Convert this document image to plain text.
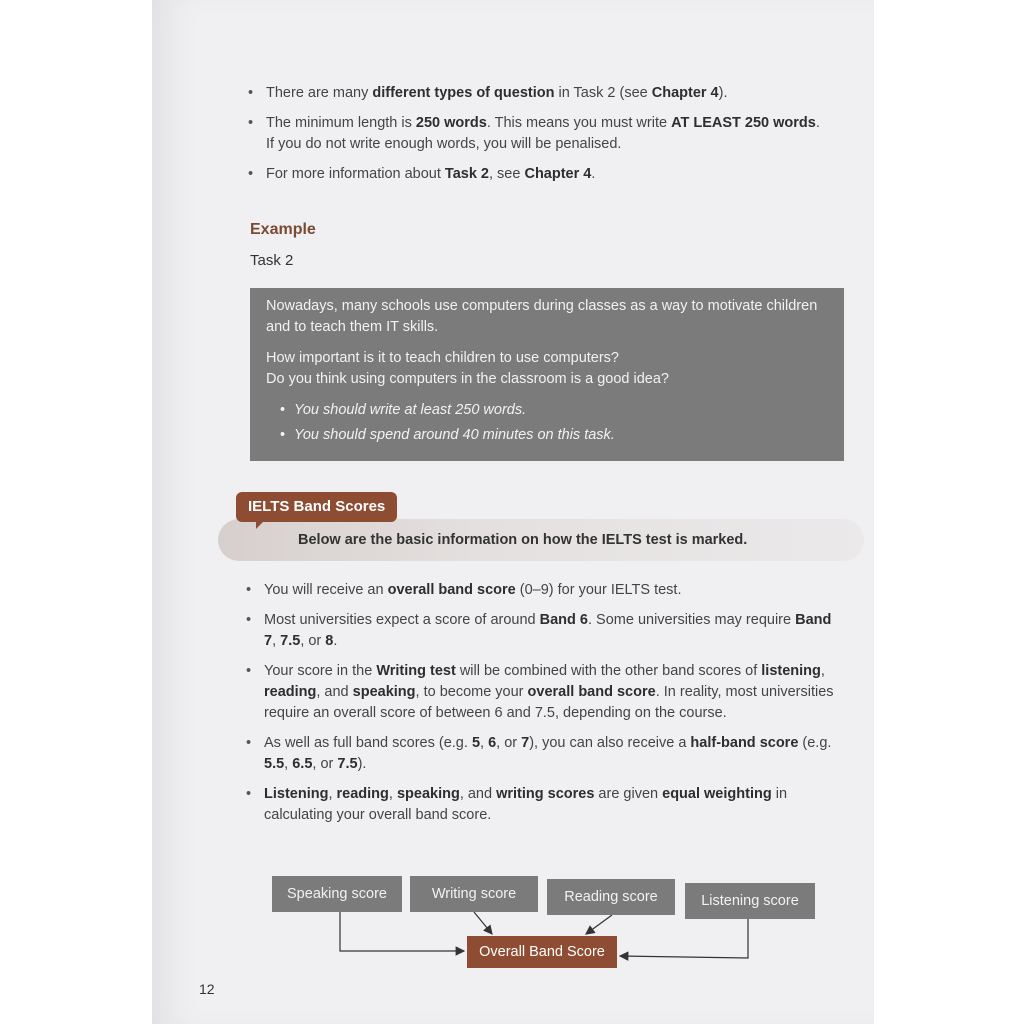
• There are many different types of question in Task 2 (see Chapter 4).
• The minimum length is 250 words. This means you must write AT LEAST 250 words. If you do not write enough words, you will be penalised.
• For more information about Task 2, see Chapter 4.
Example
Task 2

Nowadays, many schools use computers during classes as a way to motivate children and to teach them IT skills.

How important is it to teach children to use computers?

Do you think using computers in the classroom is a good idea?

• You should write at least 250 words.
• You should spend around 40 minutes on this task.
Below are the basic information on how the IELTS test is marked.
IELTS Band Scores
• You will receive an overall band score (0–9) for your IELTS test.
• Most universities expect a score of around Band 6. Some universities may require Band 7, 7.5, or 8.
• Your score in the Writing test will be combined with the other band scores of listening, reading, and speaking, to become your overall band score. In reality, most universities require an overall score of between 6 and 7.5, depending on the course.
• As well as full band scores (e.g. 5, 6, or 7), you can also receive a half-band score (e.g. 5.5, 6.5, or 7.5).
• Listening, reading, speaking, and writing scores are given equal weighting in calculating your overall band score.
Speaking score	Writing score	Reading score	Listening score
Overall Band Score
12
